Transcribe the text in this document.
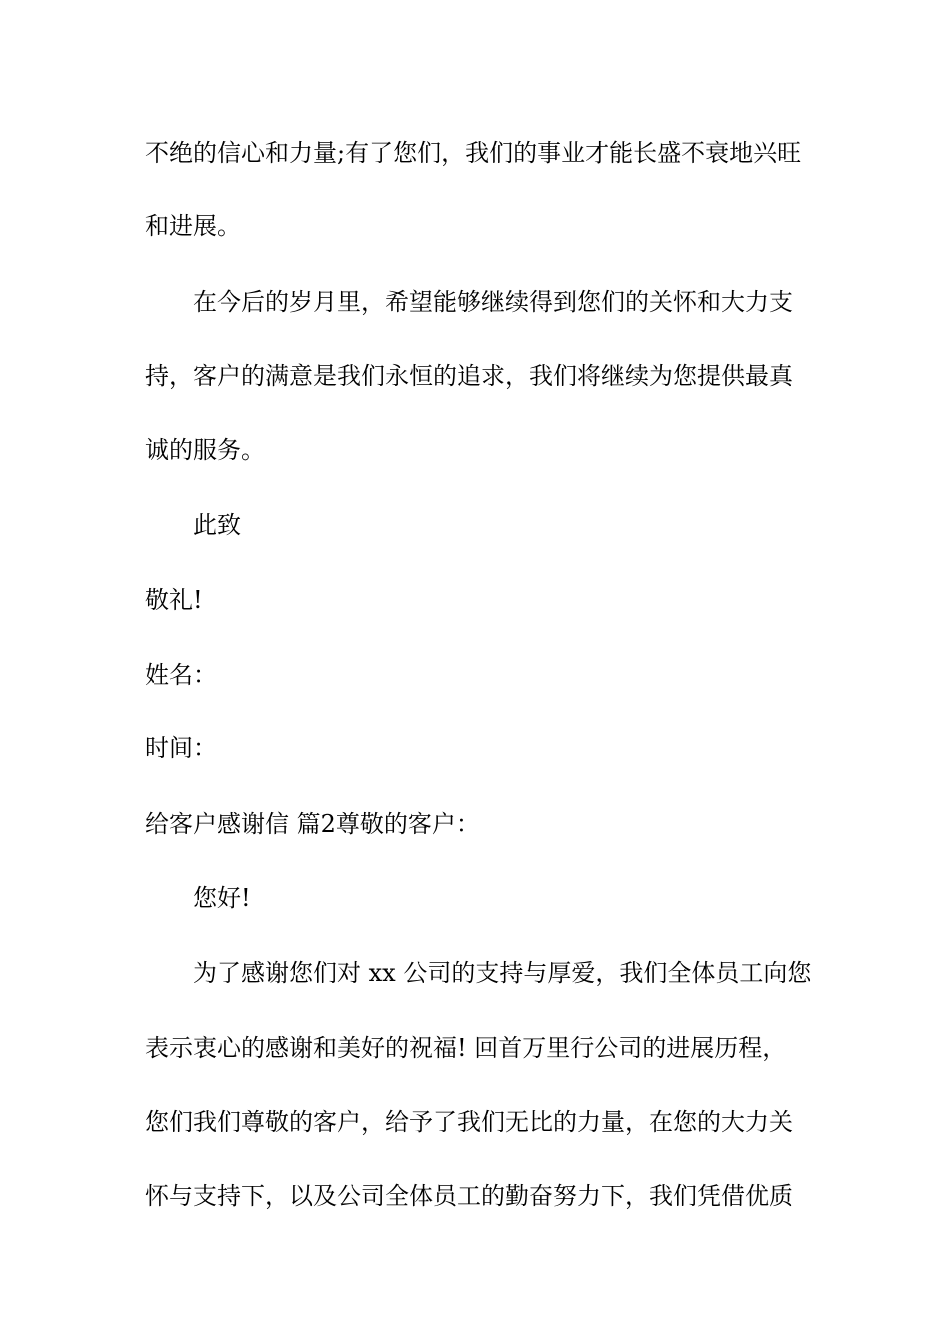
不绝的信心和力量;有了您们，我们的事业才能长盛不衰地兴旺
和进展。
在今后的岁月里，希望能够继续得到您们的关怀和大力支
持，客户的满意是我们永恒的追求，我们将继续为您提供最真
诚的服务。
此致
敬礼!
姓名：
时间：
给客户感谢信 篇2尊敬的客户：
您好!
为了感谢您们对 xx 公司的支持与厚爱，我们全体员工向您
表示衷心的感谢和美好的祝福! 回首万里行公司的进展历程，
您们我们尊敬的客户，给予了我们无比的力量，在您的大力关
怀与支持下，以及公司全体员工的勤奋努力下，我们凭借优质
